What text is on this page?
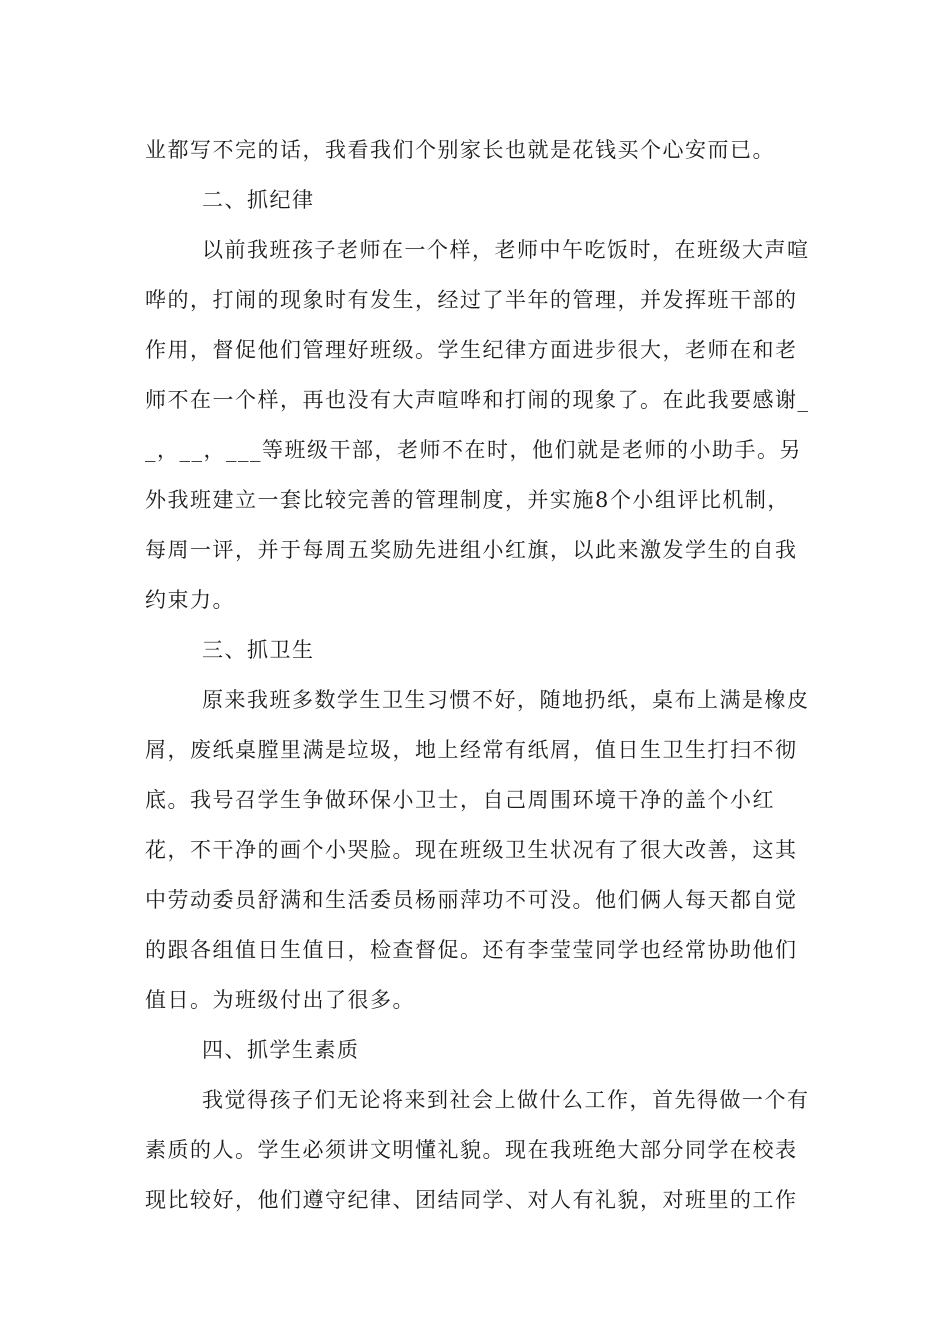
业都写不完的话，我看我们个别家长也就是花钱买个心安而已。
二、抓纪律
以前我班孩子老师在一个样，老师中午吃饭时，在班级大声喧
哗的，打闹的现象时有发生，经过了半年的管理，并发挥班干部的
作用，督促他们管理好班级。学生纪律方面进步很大，老师在和老
师不在一个样，再也没有大声喧哗和打闹的现象了。在此我要感谢_
_，__，___等班级干部，老师不在时，他们就是老师的小助手。另
外我班建立一套比较完善的管理制度，并实施8个小组评比机制，
每周一评，并于每周五奖励先进组小红旗，以此来激发学生的自我
约束力。
三、抓卫生
原来我班多数学生卫生习惯不好，随地扔纸，桌布上满是橡皮
屑，废纸桌膛里满是垃圾，地上经常有纸屑，值日生卫生打扫不彻
底。我号召学生争做环保小卫士，自己周围环境干净的盖个小红
花，不干净的画个小哭脸。现在班级卫生状况有了很大改善，这其
中劳动委员舒满和生活委员杨丽萍功不可没。他们俩人每天都自觉
的跟各组值日生值日，检查督促。还有李莹莹同学也经常协助他们
值日。为班级付出了很多。
四、抓学生素质
我觉得孩子们无论将来到社会上做什么工作，首先得做一个有
素质的人。学生必须讲文明懂礼貌。现在我班绝大部分同学在校表
现比较好，他们遵守纪律、团结同学、对人有礼貌，对班里的工作
